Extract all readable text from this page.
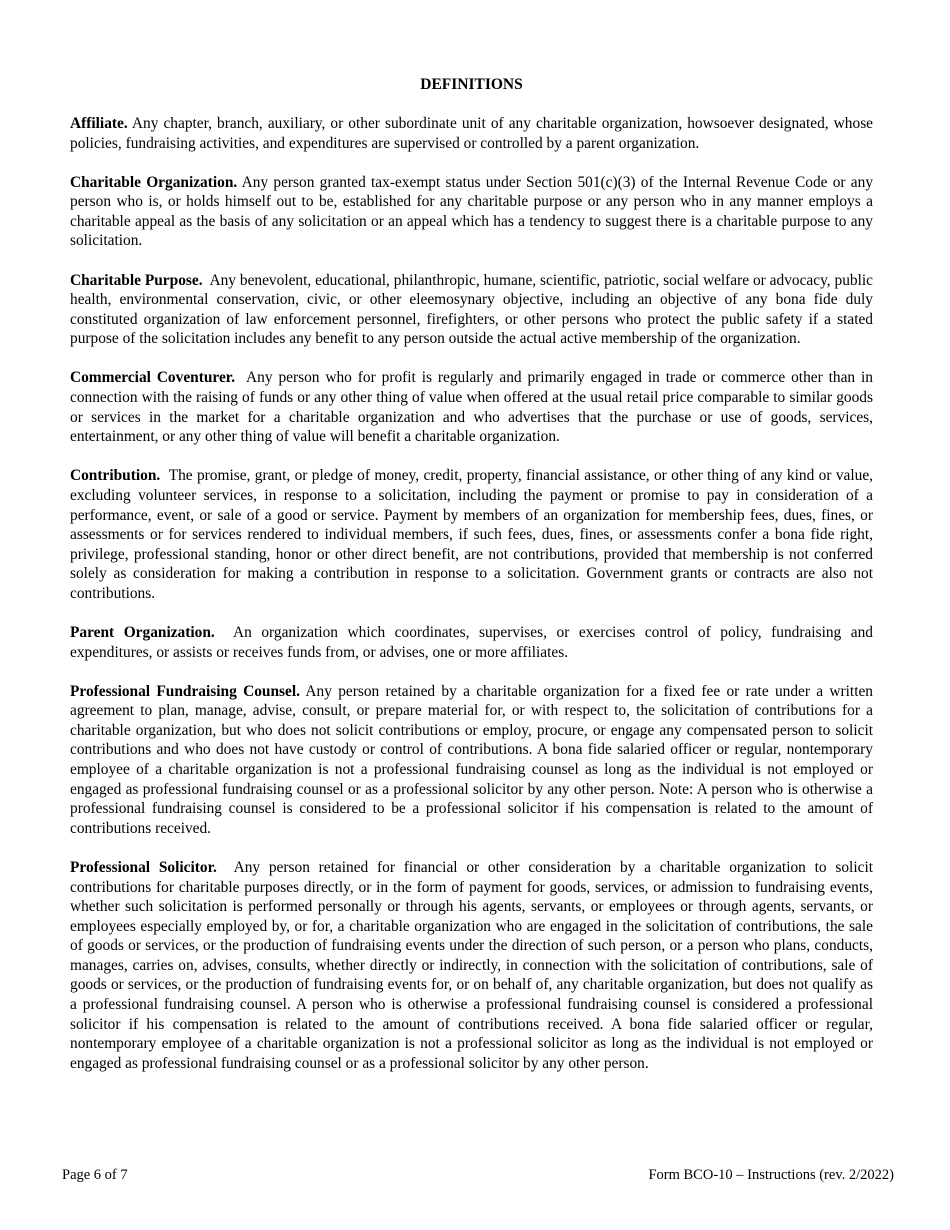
DEFINITIONS

Affiliate. Any chapter, branch, auxiliary, or other subordinate unit of any charitable organization, howsoever designated, whose policies, fundraising activities, and expenditures are supervised or controlled by a parent organization.

Charitable Organization. Any person granted tax-exempt status under Section 501(c)(3) of the Internal Revenue Code or any person who is, or holds himself out to be, established for any charitable purpose or any person who in any manner employs a charitable appeal as the basis of any solicitation or an appeal which has a tendency to suggest there is a charitable purpose to any solicitation.

Charitable Purpose. Any benevolent, educational, philanthropic, humane, scientific, patriotic, social welfare or advocacy, public health, environmental conservation, civic, or other eleemosynary objective, including an objective of any bona fide duly constituted organization of law enforcement personnel, firefighters, or other persons who protect the public safety if a stated purpose of the solicitation includes any benefit to any person outside the actual active membership of the organization.

Commercial Coventurer. Any person who for profit is regularly and primarily engaged in trade or commerce other than in connection with the raising of funds or any other thing of value when offered at the usual retail price comparable to similar goods or services in the market for a charitable organization and who advertises that the purchase or use of goods, services, entertainment, or any other thing of value will benefit a charitable organization.

Contribution. The promise, grant, or pledge of money, credit, property, financial assistance, or other thing of any kind or value, excluding volunteer services, in response to a solicitation, including the payment or promise to pay in consideration of a performance, event, or sale of a good or service. Payment by members of an organization for membership fees, dues, fines, or assessments or for services rendered to individual members, if such fees, dues, fines, or assessments confer a bona fide right, privilege, professional standing, honor or other direct benefit, are not contributions, provided that membership is not conferred solely as consideration for making a contribution in response to a solicitation. Government grants or contracts are also not contributions.

Parent Organization. An organization which coordinates, supervises, or exercises control of policy, fundraising and expenditures, or assists or receives funds from, or advises, one or more affiliates.

Professional Fundraising Counsel. Any person retained by a charitable organization for a fixed fee or rate under a written agreement to plan, manage, advise, consult, or prepare material for, or with respect to, the solicitation of contributions for a charitable organization, but who does not solicit contributions or employ, procure, or engage any compensated person to solicit contributions and who does not have custody or control of contributions. A bona fide salaried officer or regular, nontemporary employee of a charitable organization is not a professional fundraising counsel as long as the individual is not employed or engaged as professional fundraising counsel or as a professional solicitor by any other person. Note: A person who is otherwise a professional fundraising counsel is considered to be a professional solicitor if his compensation is related to the amount of contributions received.

Professional Solicitor. Any person retained for financial or other consideration by a charitable organization to solicit contributions for charitable purposes directly, or in the form of payment for goods, services, or admission to fundraising events, whether such solicitation is performed personally or through his agents, servants, or employees or through agents, servants, or employees especially employed by, or for, a charitable organization who are engaged in the solicitation of contributions, the sale of goods or services, or the production of fundraising events under the direction of such person, or a person who plans, conducts, manages, carries on, advises, consults, whether directly or indirectly, in connection with the solicitation of contributions, sale of goods or services, or the production of fundraising events for, or on behalf of, any charitable organization, but does not qualify as a professional fundraising counsel. A person who is otherwise a professional fundraising counsel is considered a professional solicitor if his compensation is related to the amount of contributions received. A bona fide salaried officer or regular, nontemporary employee of a charitable organization is not a professional solicitor as long as the individual is not employed or engaged as professional fundraising counsel or as a professional solicitor by any other person.

Page 6 of 7	Form BCO-10 – Instructions (rev. 2/2022)
